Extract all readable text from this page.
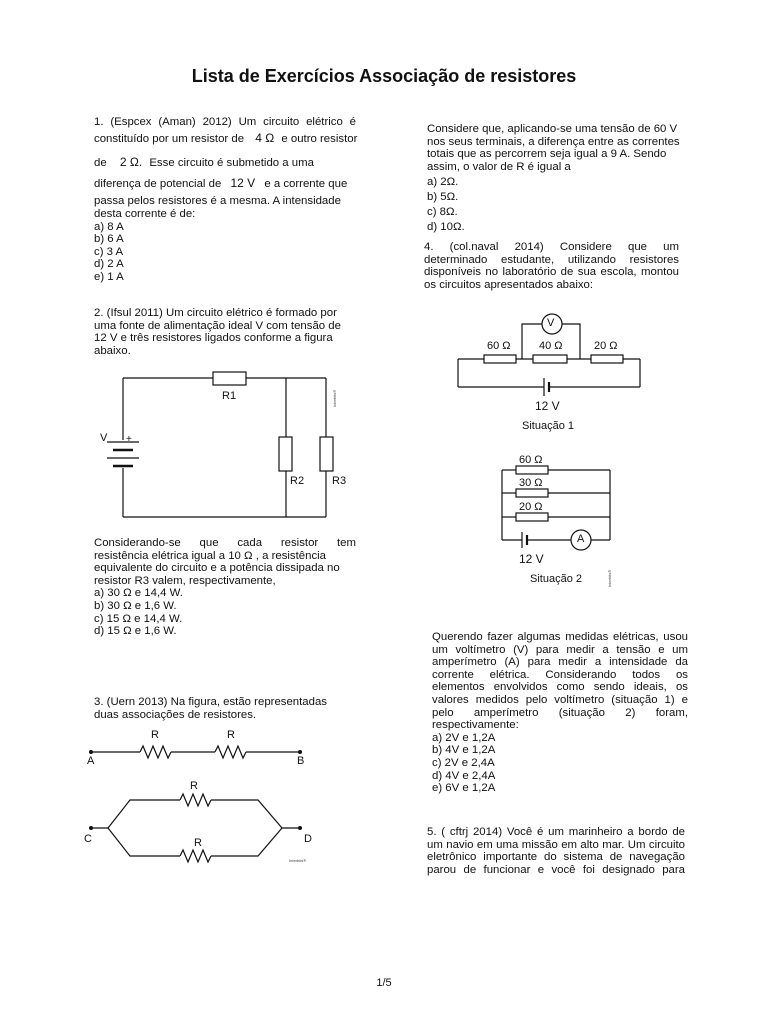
Lista de Exercícios Associação de resistores
1. (Espcex (Aman) 2012) Um circuito elétrico é
constituído por um resistor de 4 Ω e outro resistor
de 2 Ω. Esse circuito é submetido a uma
diferença de potencial de 12 V e a corrente que
passa pelos resistores é a mesma. A intensidade
desta corrente é de:
a) 8 A
b) 6 A
c) 3 A
d) 2 A
e) 1 A
2. (Ifsul 2011) Um circuito elétrico é formado por
uma fonte de alimentação ideal V com tensão de
12 V e três resistores ligados conforme a figura
abaixo.
R1
V +
−
R2	R3
Interbits®
Considerando-se que cada resistor tem
resistência elétrica igual a 10 Ω , a resistência
equivalente do circuito e a potência dissipada no
resistor R3 valem, respectivamente,
a) 30 Ω e 14,4 W.
b) 30 Ω e 1,6 W.
c) 15 Ω e 14,4 W.
d) 15 Ω e 1,6 W.
3. (Uern 2013) Na figura, estão representadas
duas associações de resistores.
R	R
A	B
R
C	D
R
Interbits®
Considere que, aplicando-se uma tensão de 60 V
nos seus terminais, a diferença entre as correntes
totais que as percorrem seja igual a 9 A. Sendo
assim, o valor de R é igual a
a) 2Ω.
b) 5Ω.
c) 8Ω.
d) 10Ω.
4. (col.naval 2014) Considere que um
determinado estudante, utilizando resistores
disponíveis no laboratório de sua escola, montou
os circuitos apresentados abaixo:
V
60 Ω	40 Ω	20 Ω
12 V
Situação 1
60 Ω
30 Ω
20 Ω
A
12 V
Situação 2	Interbits®
Querendo fazer algumas medidas elétricas, usou
um voltímetro (V) para medir a tensão e um
amperímetro (A) para medir a intensidade da
corrente elétrica. Considerando todos os
elementos envolvidos como sendo ideais, os
valores medidos pelo voltímetro (situação 1) e
pelo amperímetro (situação 2) foram,
respectivamente:
a) 2V e 1,2A
b) 4V e 1,2A
c) 2V e 2,4A
d) 4V e 2,4A
e) 6V e 1,2A
5. ( cftrj 2014) Você é um marinheiro a bordo de
um navio em uma missão em alto mar. Um circuito
eletrônico importante do sistema de navegação
parou de funcionar e você foi designado para
1/5
